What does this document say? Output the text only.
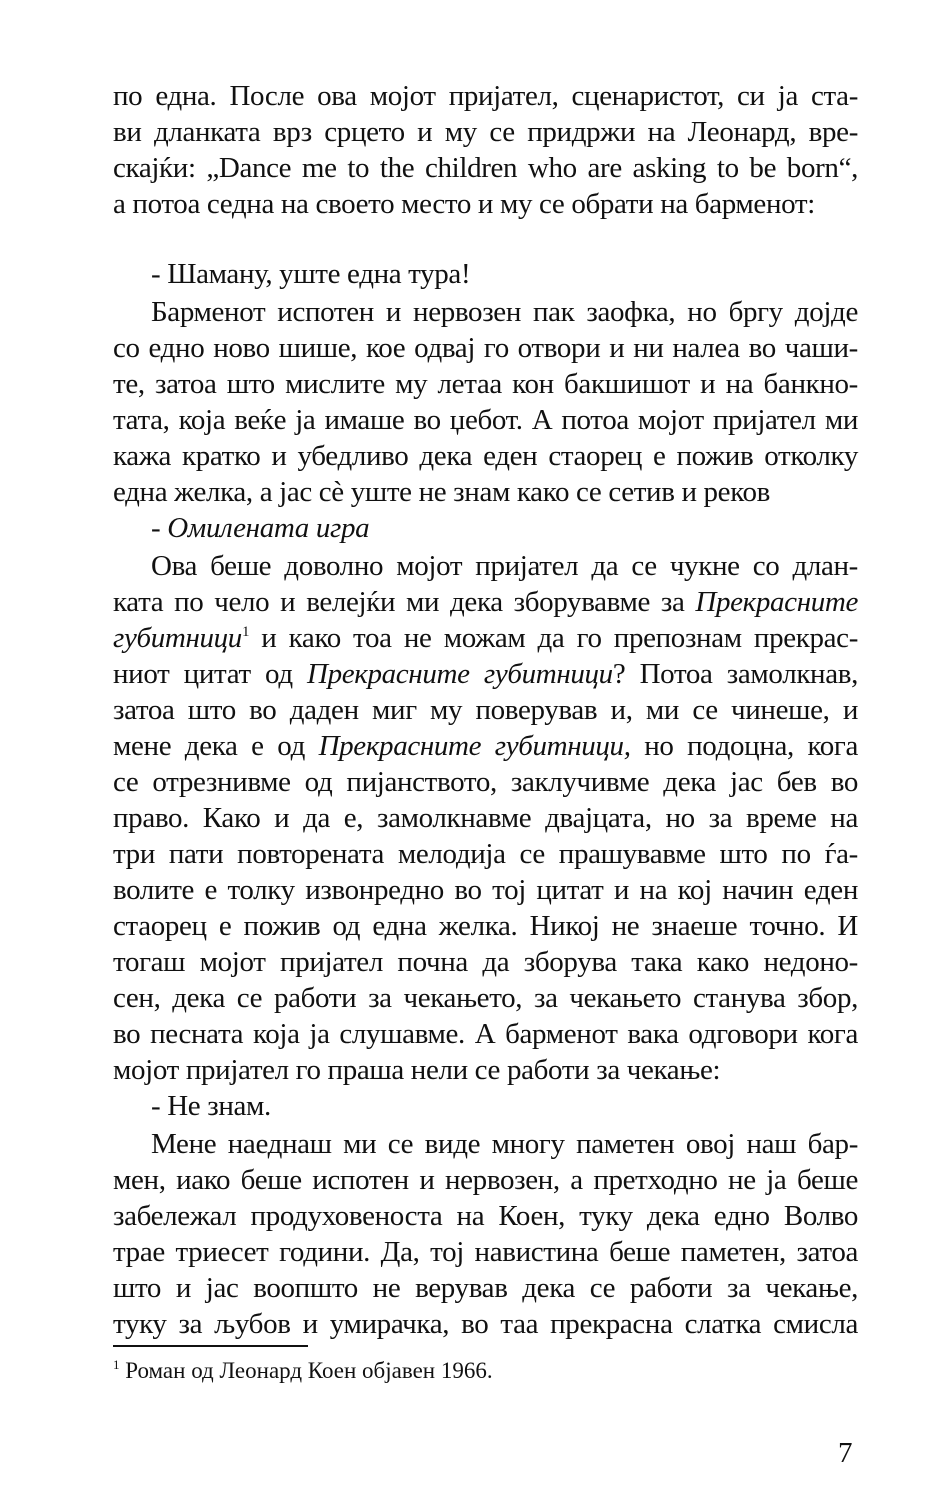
по една. После ова мојот пријател, сценаристот, си ја ста-
ви дланката врз срцето и му се придржи на Леонард, вре-
скајќи: „Dance me to the children who are asking to be born“,
а потоа седна на своето место и му се обрати на барменот:
- Шаману, уште една тура!
Барменот испотен и нервозен пак заофка, но бргу дојде
со едно ново шише, кое одвај го отвори и ни налеа во чаши-
те, затоа што мислите му летаа кон бакшишот и на банкно-
тата, која веќе ја имаше во џебот. А потоа мојот пријател ми
кажа кратко и убедливо дека еден стаорец е пожив отколку
една желка, а јас сѐ уште не знам како се сетив и реков
- Омилената игра
Ова беше доволно мојот пријател да се чукне со длан-
ката по чело и велејќи ми дека зборувавме за Прекрасните
губитници$^1$ и како тоа не можам да го препознам прекрас-
ниот цитат од Прекрасните губитници? Потоа замолкнав,
затоа што во даден миг му поверував и, ми се чинеше, и
мене дека е од Прекрасните губитници, но подоцна, кога
се отрезнивме од пијанството, заклучивме дека јас бев во
право. Како и да е, замолкнавме двајцата, но за време на
три пати повторената мелодија се прашувавме што по ѓа-
волите е толку извонредно во тој цитат и на кој начин еден
стаорец е пожив од една желка. Никој не знаеше точно. И
тогаш мојот пријател почна да зборува така како недоно-
сен, дека се работи за чекањето, за чекањето станува збор,
во песната која ја слушавме. А барменот вака одговори кога
мојот пријател го праша нели се работи за чекање:
- Не знам.
Мене наеднаш ми се виде многу паметен овој наш бар-
мен, иако беше испотен и нервозен, а претходно не ја беше
забележал продуховеноста на Коен, туку дека едно Волво
трае триесет години. Да, тој навистина беше паметен, затоа
што и јас воопшто не верував дека се работи за чекање,
туку за љубов и умирачка, во таа прекрасна слатка смисла
$^1$ Роман од Леонард Коен објавен 1966.
7
